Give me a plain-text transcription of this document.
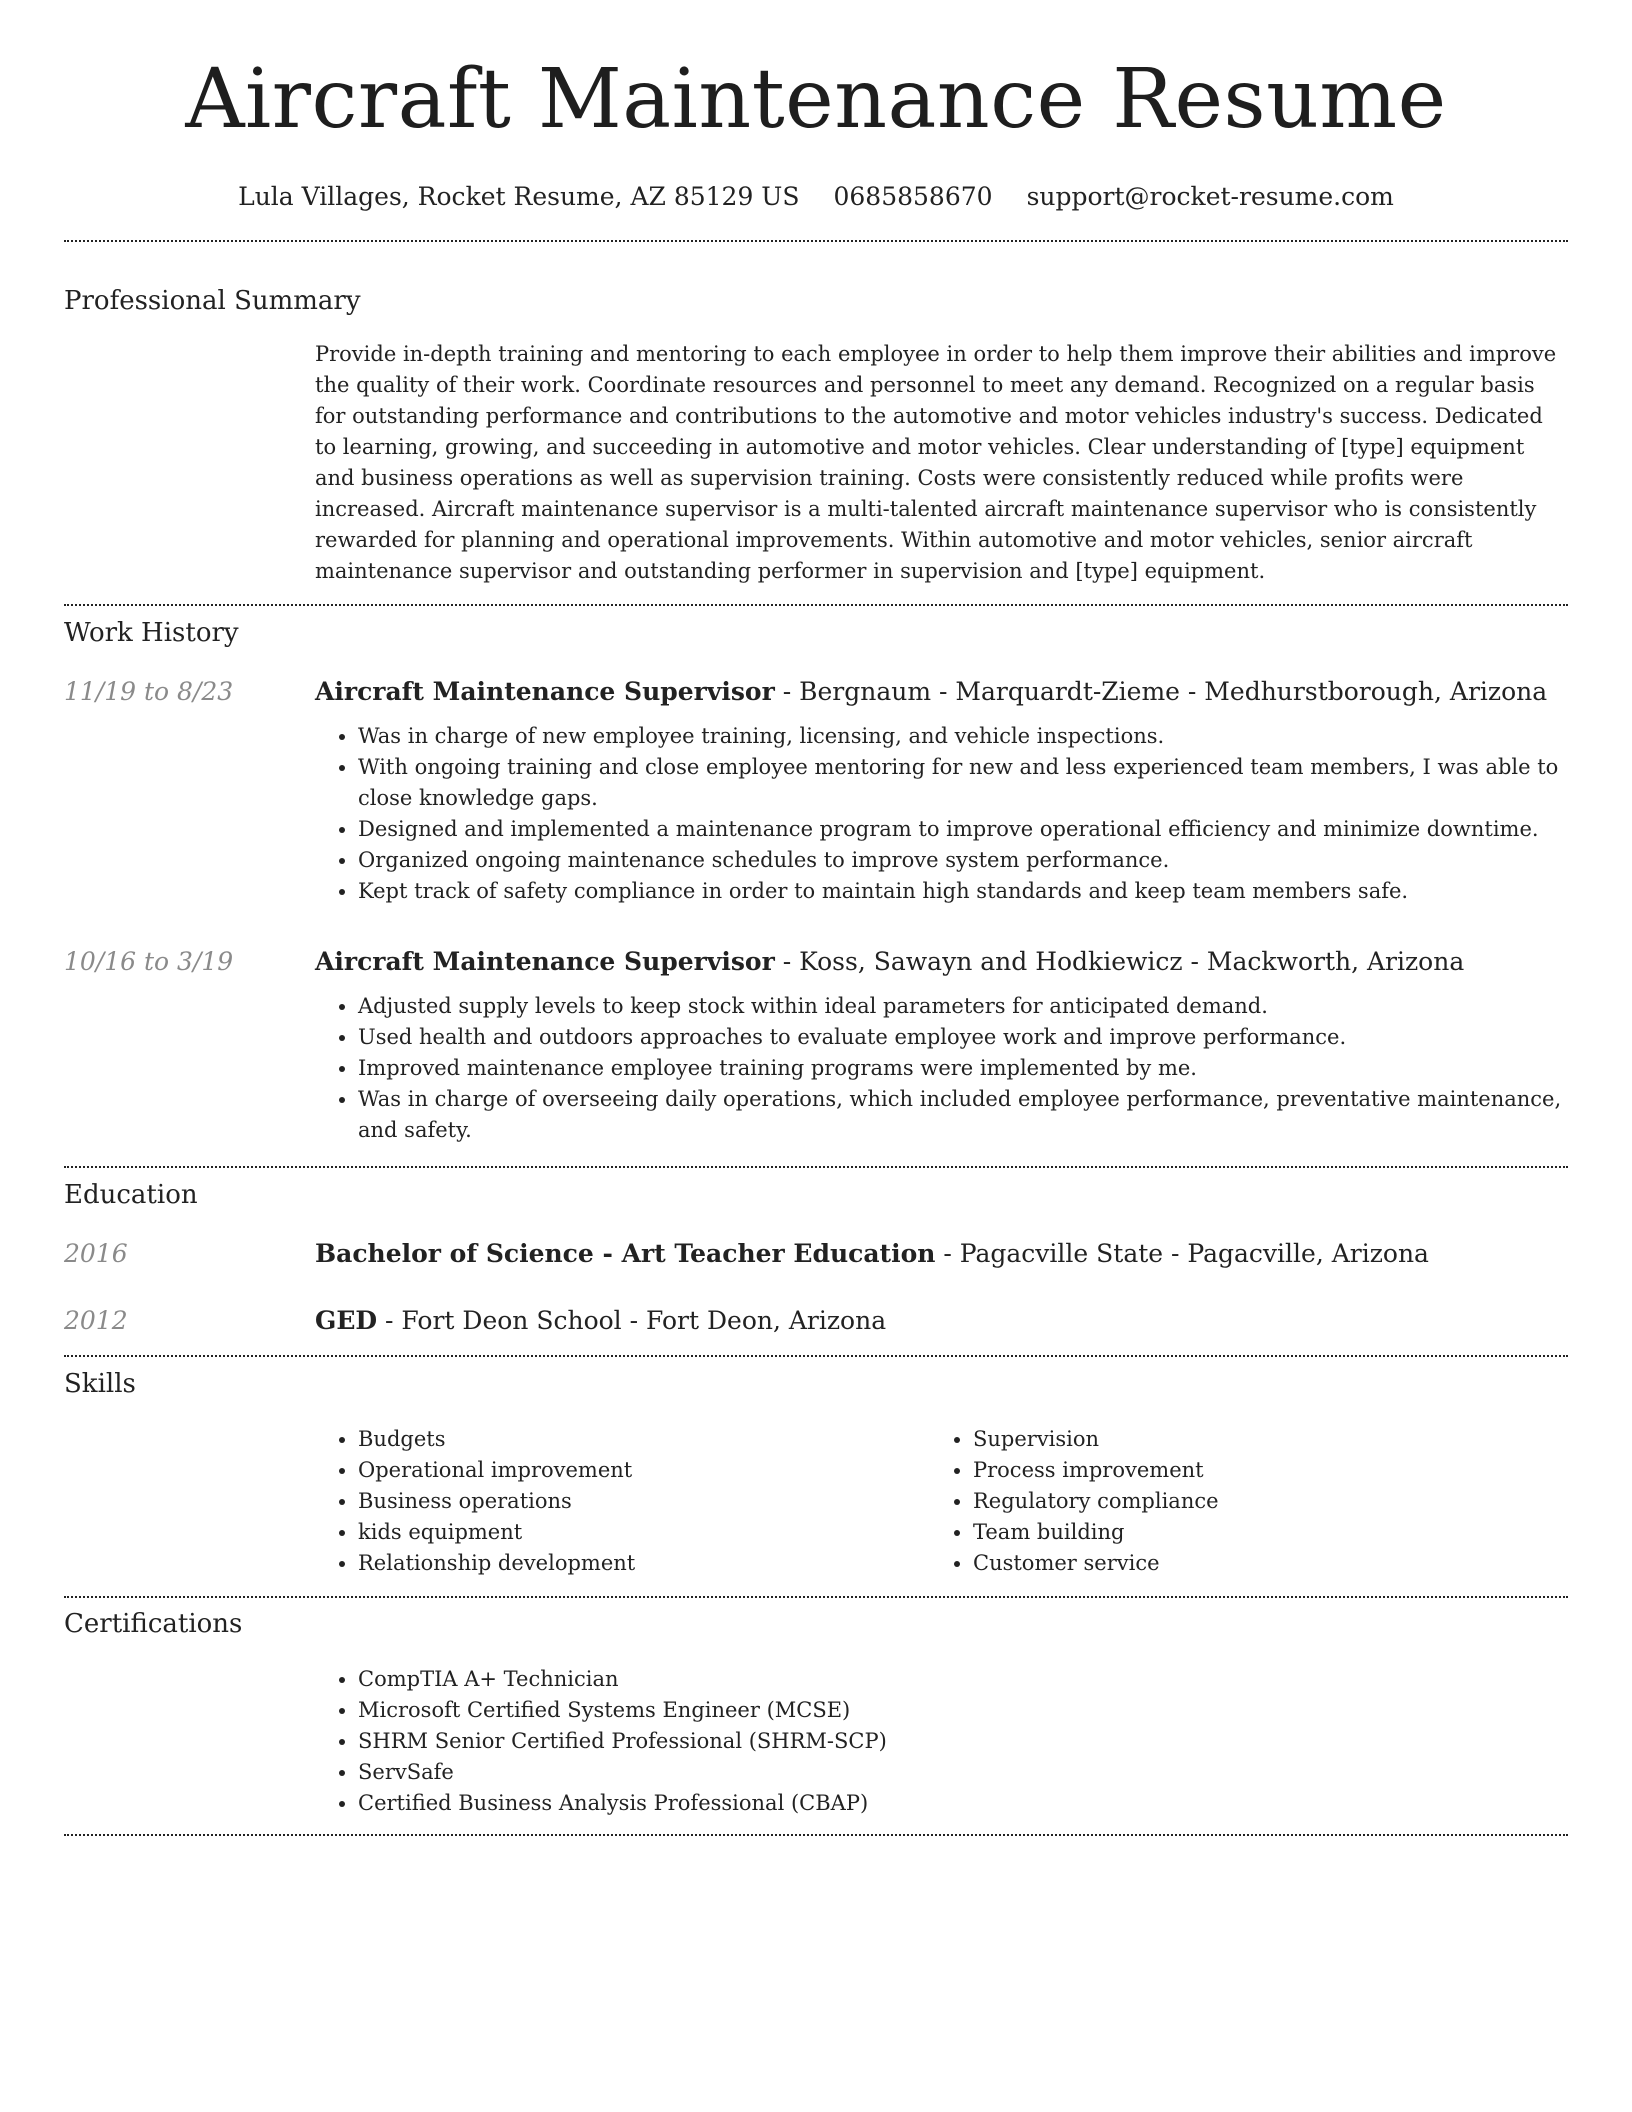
Aircraft Maintenance Resume
Lula Villages, Rocket Resume, AZ 85129 US 0685858670 support@rocket-resume.com
Professional Summary

Provide in-depth training and mentoring to each employee in order to help them improve their abilities and improve the quality of their work. Coordinate resources and personnel to meet any demand. Recognized on a regular basis for outstanding performance and contributions to the automotive and motor vehicles industry's success. Dedicated to learning, growing, and succeeding in automotive and motor vehicles. Clear understanding of [type] equipment and business operations as well as supervision training. Costs were consistently reduced while profits were increased. Aircraft maintenance supervisor is a multi-talented aircraft maintenance supervisor who is consistently rewarded for planning and operational improvements. Within automotive and motor vehicles, senior aircraft maintenance supervisor and outstanding performer in supervision and [type] equipment.

Work History
11/19 to 8/23	Aircraft Maintenance Supervisor - Bergnaum - Marquardt-Zieme - Medhurstborough, Arizona

• Was in charge of new employee training, licensing, and vehicle inspections.
• With ongoing training and close employee mentoring for new and less experienced team members, I was able to close knowledge gaps.
• Designed and implemented a maintenance program to improve operational efficiency and minimize downtime.
• Organized ongoing maintenance schedules to improve system performance.
• Kept track of safety compliance in order to maintain high standards and keep team members safe.
10/16 to 3/19	Aircraft Maintenance Supervisor - Koss, Sawayn and Hodkiewicz - Mackworth, Arizona

• Adjusted supply levels to keep stock within ideal parameters for anticipated demand.
• Used health and outdoors approaches to evaluate employee work and improve performance.
• Improved maintenance employee training programs were implemented by me.
• Was in charge of overseeing daily operations, which included employee performance, preventative maintenance, and safety.
Education
2016	Bachelor of Science - Art Teacher Education - Pagacville State - Pagacville, Arizona

2012	GED - Fort Deon School - Fort Deon, Arizona

Skills
• Budgets
• Operational improvement
• Business operations
• kids equipment
• Relationship development
• Supervision
• Process improvement
• Regulatory compliance
• Team building
• Customer service
Certifications
• CompTIA A+ Technician
• Microsoft Certified Systems Engineer (MCSE)
• SHRM Senior Certified Professional (SHRM-SCP)
• ServSafe
• Certified Business Analysis Professional (CBAP)
